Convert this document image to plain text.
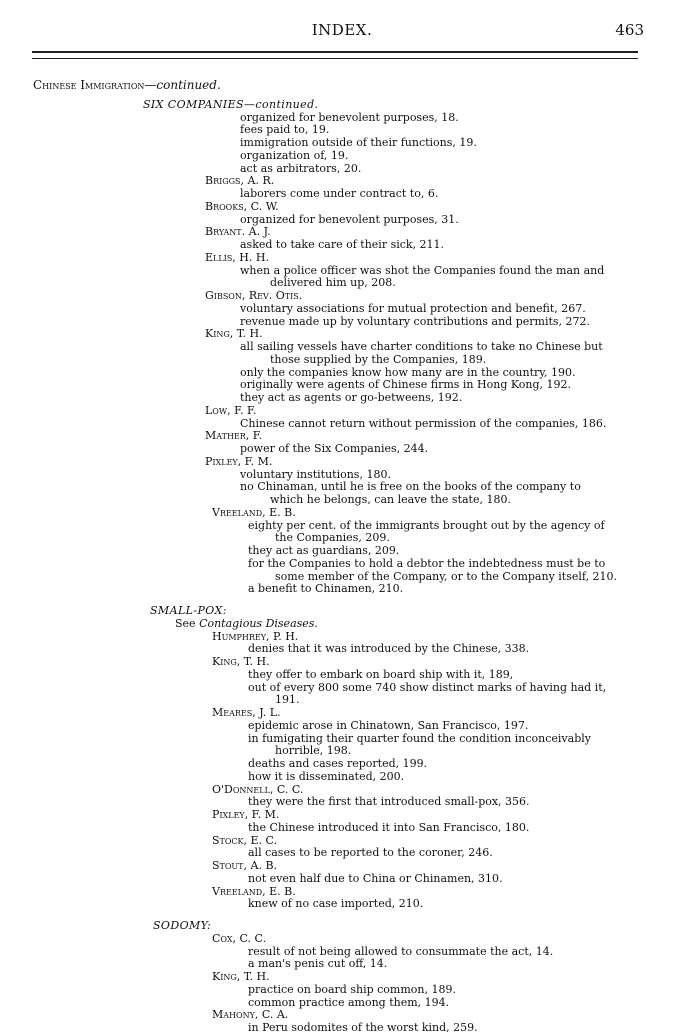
INDEX.	463

Chinese Immigration—continued.

SIX COMPANIES—continued.

organized for benevolent purposes, 18.

fees paid to, 19.

immigration outside of their functions, 19.

organization of, 19.

act as arbitrators, 20.

Briggs, A. R.

laborers come under contract to, 6.

Brooks, C. W.

organized for benevolent purposes, 31.

Bryant. A. J.

asked to take care of their sick, 211.

Ellis, H. H.

when a police officer was shot the Companies found the man and

delivered him up, 208.

Gibson, Rev. Otis.

voluntary associations for mutual protection and benefit, 267.

revenue made up by voluntary contributions and permits, 272.

King, T. H.

all sailing vessels have charter conditions to take no Chinese but

those supplied by the Companies, 189.

only the companies know how many are in the country, 190.

originally were agents of Chinese firms in Hong Kong, 192.

they act as agents or go-betweens, 192.

Low, F. F.

Chinese cannot return without permission of the companies, 186.

Mather, F.

power of the Six Companies, 244.

Pixley, F. M.

voluntary institutions, 180.

no Chinaman, until he is free on the books of the company to

which he belongs, can leave the state, 180.

Vreeland, E. B.

eighty per cent. of the immigrants brought out by the agency of

the Companies, 209.

they act as guardians, 209.

for the Companies to hold a debtor the indebtedness must be to

some member of the Company, or to the Company itself, 210.

a benefit to Chinamen, 210.

SMALL-POX:

See Contagious Diseases.

Humphrey, P. H.

denies that it was introduced by the Chinese, 338.

King, T. H.

they offer to embark on board ship with it, 189,

out of every 800 some 740 show distinct marks of having had it,

191.

Meares, J. L.

epidemic arose in Chinatown, San Francisco, 197.

in fumigating their quarter found the condition inconceivably

horrible, 198.

deaths and cases reported, 199.

how it is disseminated, 200.

O'Donnell, C. C.

they were the first that introduced small-pox, 356.

Pixley, F. M.

the Chinese introduced it into San Francisco, 180.

Stock, E. C.

all cases to be reported to the coroner, 246.

Stout, A. B.

not even half due to China or Chinamen, 310.

Vreeland, E. B.

knew of no case imported, 210.

SODOMY:

Cox, C. C.

result of not being allowed to consummate the act, 14.

a man's penis cut off, 14.

King, T. H.

practice on board ship common, 189.

common practice among them, 194.

Mahony, C. A.

in Peru sodomites of the worst kind, 259.
